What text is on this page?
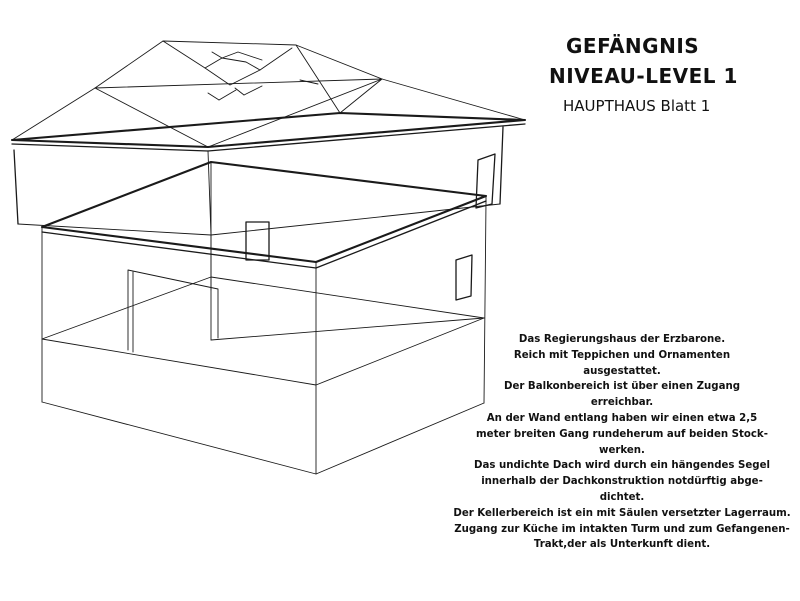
GEFÄNGNIS
NIVEAU-LEVEL 1
HAUPTHAUS Blatt 1
Das Regierungshaus der Erzbarone.
Reich mit Teppichen und Ornamenten
ausgestattet.
Der Balkonbereich ist über einen Zugang
erreichbar.
An der Wand entlang haben wir einen etwa 2,5
meter breiten Gang rundeherum auf beiden Stock-
werken.
Das undichte Dach wird durch ein hängendes Segel
innerhalb der Dachkonstruktion notdürftig abge-
dichtet.
Der Kellerbereich ist ein mit Säulen versetzter Lagerraum.
Zugang zur Küche im intakten Turm und zum Gefangenen-
Trakt,der als Unterkunft dient.
